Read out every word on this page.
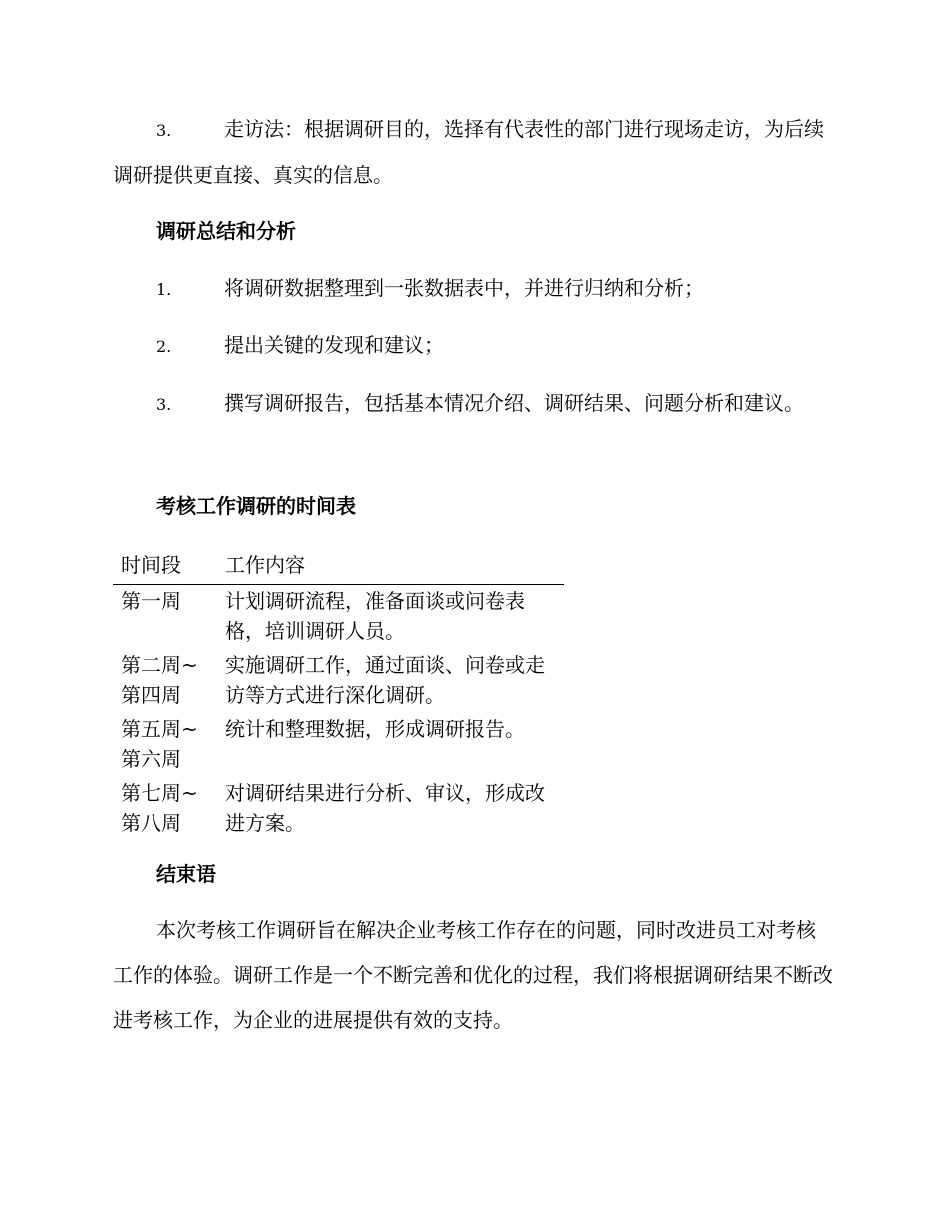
3.	走访法：根据调研目的，选择有代表性的部门进行现场走访，为后续调研提供更直接、真实的信息。

调研总结和分析

1.	将调研数据整理到一张数据表中，并进行归纳和分析；

2.	提出关键的发现和建议；

3.	撰写调研报告，包括基本情况介绍、调研结果、问题分析和建议。

考核工作调研的时间表
时间段	工作内容
第一周	计划调研流程，准备面谈或问卷表格，培训调研人员。
第二周~第四周	实施调研工作，通过面谈、问卷或走访等方式进行深化调研。
第五周~第六周	统计和整理数据，形成调研报告。
第七周~第八周	对调研结果进行分析、审议，形成改进方案。
结束语

本次考核工作调研旨在解决企业考核工作存在的问题，同时改进员工对考核工作的体验。调研工作是一个不断完善和优化的过程，我们将根据调研结果不断改进考核工作，为企业的进展提供有效的支持。
